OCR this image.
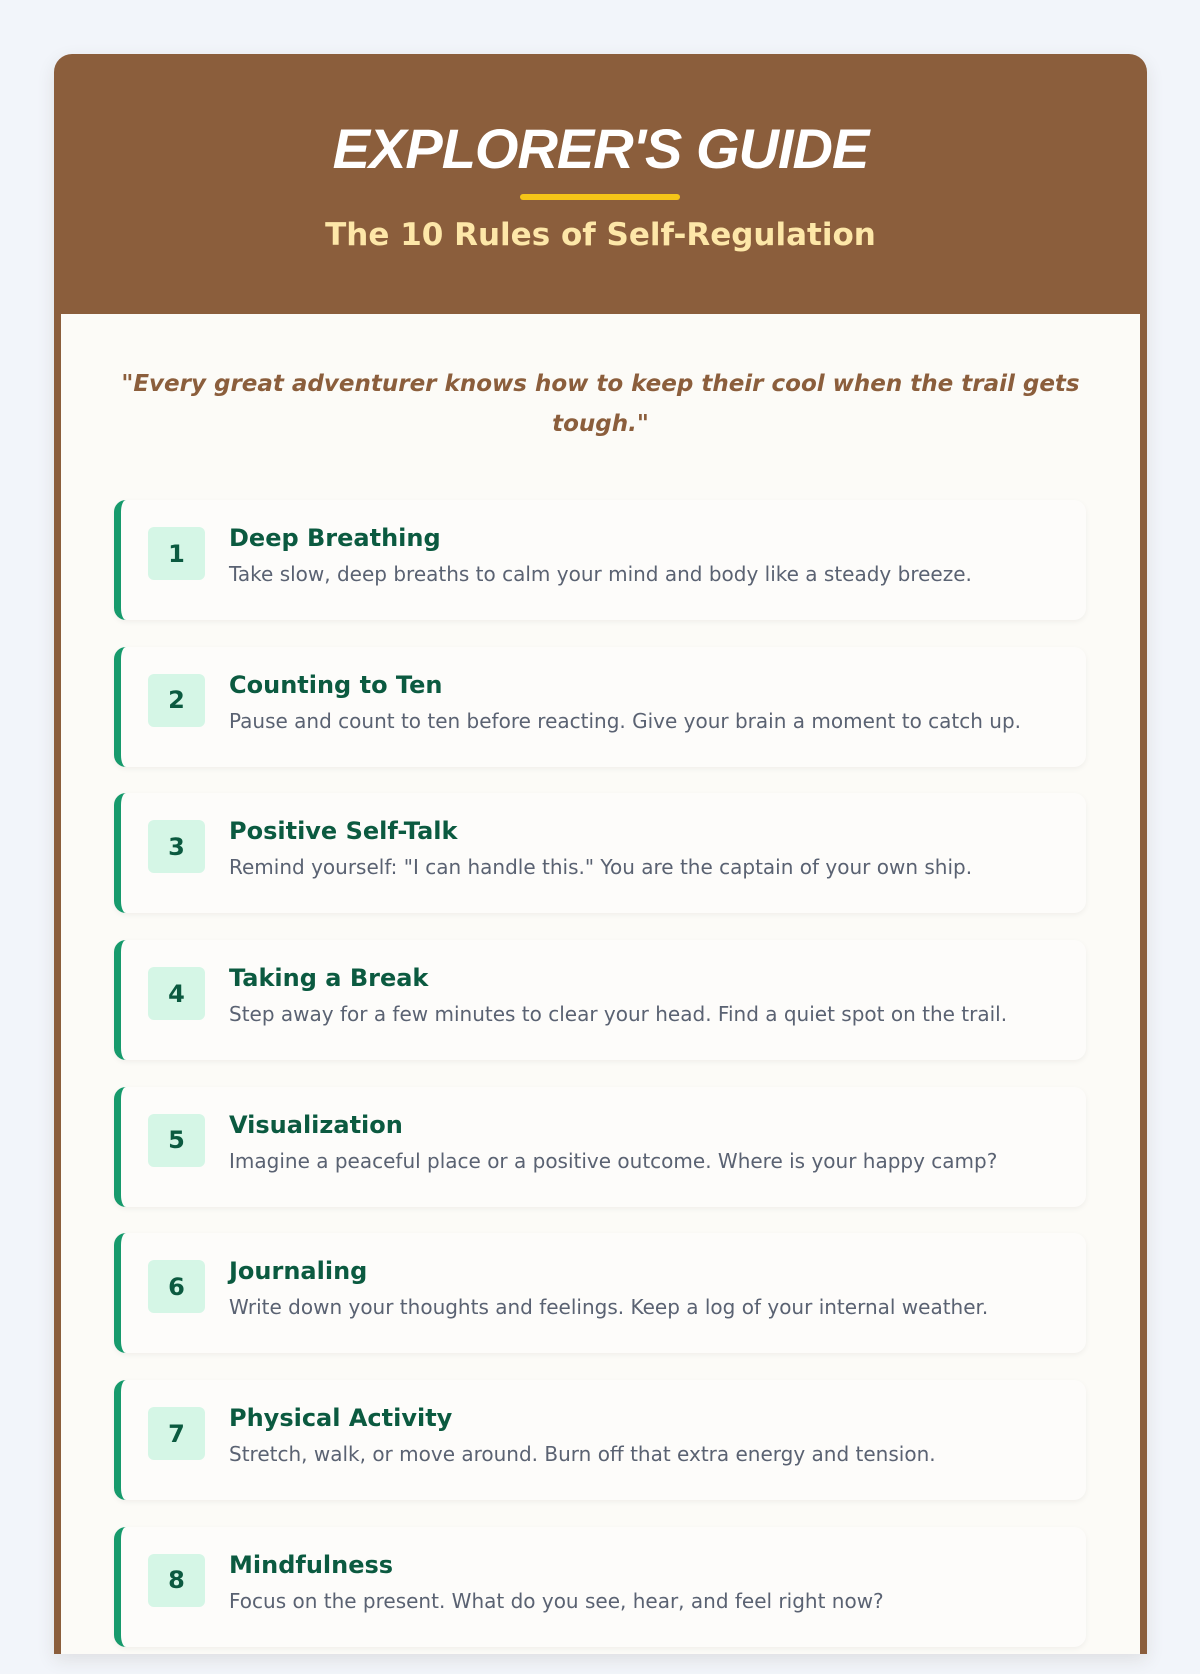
EXPLORER'S GUIDE
The 10 Rules of Self-Regulation
"Every great adventurer knows how to keep their cool when the trail gets tough."
1
Deep Breathing
Take slow, deep breaths to calm your mind and body like a steady breeze.
2
Counting to Ten
Pause and count to ten before reacting. Give your brain a moment to catch up.
3
Positive Self-Talk
Remind yourself: "I can handle this." You are the captain of your own ship.
4
Taking a Break
Step away for a few minutes to clear your head. Find a quiet spot on the trail.
5
Visualization
Imagine a peaceful place or a positive outcome. Where is your happy camp?
6
Journaling
Write down your thoughts and feelings. Keep a log of your internal weather.
7
Physical Activity
Stretch, walk, or move around. Burn off that extra energy and tension.
8
Mindfulness
Focus on the present. What do you see, hear, and feel right now?
